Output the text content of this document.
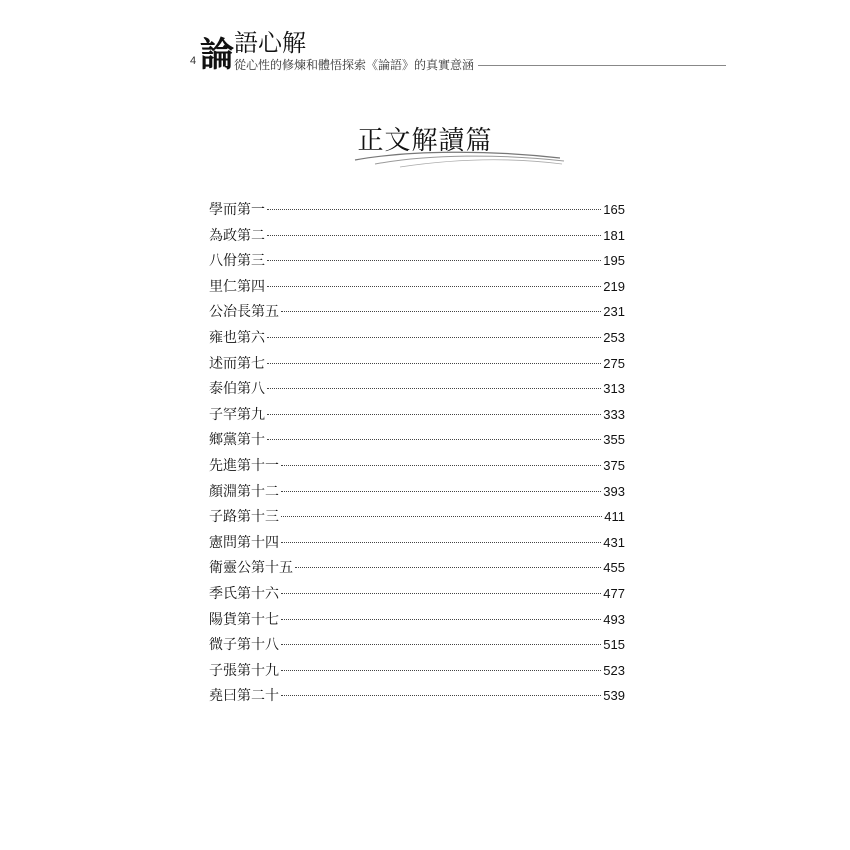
4 論 語心解
從心性的修煉和體悟探索《論語》的真實意涵
正文解讀篇
學而第一	165
為政第二	181
八佾第三	195
里仁第四	219
公冶長第五	231
雍也第六	253
述而第七	275
泰伯第八	313
子罕第九	333
鄉黨第十	355
先進第十一	375
顏淵第十二	393
子路第十三	411
憲問第十四	431
衛靈公第十五	455
季氏第十六	477
陽貨第十七	493
微子第十八	515
子張第十九	523
堯曰第二十	539
